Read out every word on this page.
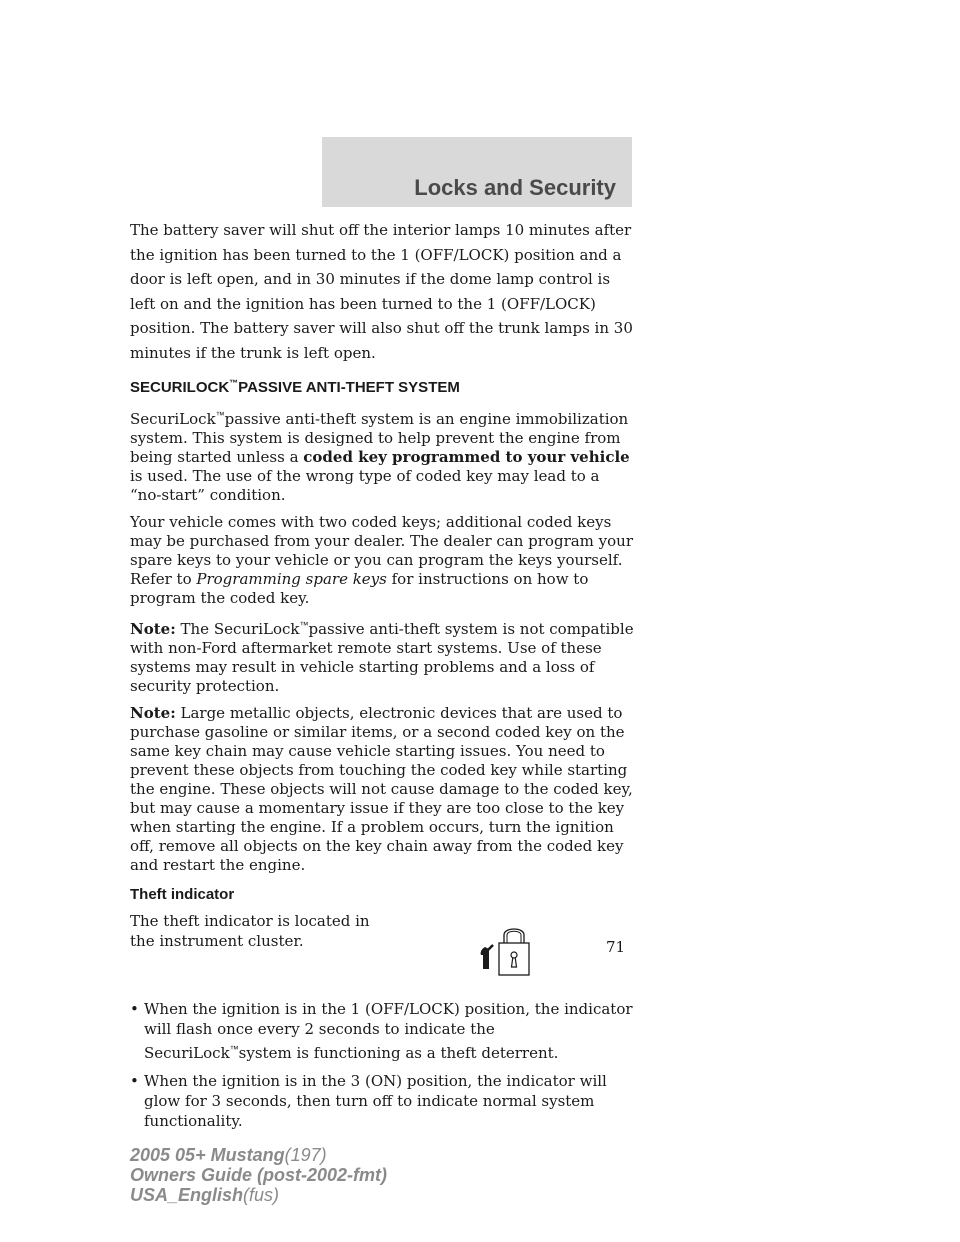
Locks and Security

The battery saver will shut off the interior lamps 10 minutes after the ignition has been turned to the 1 (OFF/LOCK) position and a door is left open, and in 30 minutes if the dome lamp control is left on and the ignition has been turned to the 1 (OFF/LOCK) position. The battery saver will also shut off the trunk lamps in 30 minutes if the trunk is left open.

SECURILOCK™PASSIVE ANTI-THEFT SYSTEM

SecuriLock™passive anti-theft system is an engine immobilization system. This system is designed to help prevent the engine from being started unless a coded key programmed to your vehicle is used. The use of the wrong type of coded key may lead to a “no-start” condition.

Your vehicle comes with two coded keys; additional coded keys may be purchased from your dealer. The dealer can program your spare keys to your vehicle or you can program the keys yourself. Refer to Programming spare keys for instructions on how to program the coded key.

Note: The SecuriLock™passive anti-theft system is not compatible with non-Ford aftermarket remote start systems. Use of these systems may result in vehicle starting problems and a loss of security protection.

Note: Large metallic objects, electronic devices that are used to purchase gasoline or similar items, or a second coded key on the same key chain may cause vehicle starting issues. You need to prevent these objects from touching the coded key while starting the engine. These objects will not cause damage to the coded key, but may cause a momentary issue if they are too close to the key when starting the engine. If a problem occurs, turn the ignition off, remove all objects on the key chain away from the coded key and restart the engine.

Theft indicator
The theft indicator is located in the instrument cluster.
• When the ignition is in the 1 (OFF/LOCK) position, the indicator will flash once every 2 seconds to indicate the SecuriLock™system is functioning as a theft deterrent.
• When the ignition is in the 3 (ON) position, the indicator will glow for 3 seconds, then turn off to indicate normal system functionality.
71
2005 05+ Mustang(197)
Owners Guide (post-2002-fmt)
USA_English(fus)
